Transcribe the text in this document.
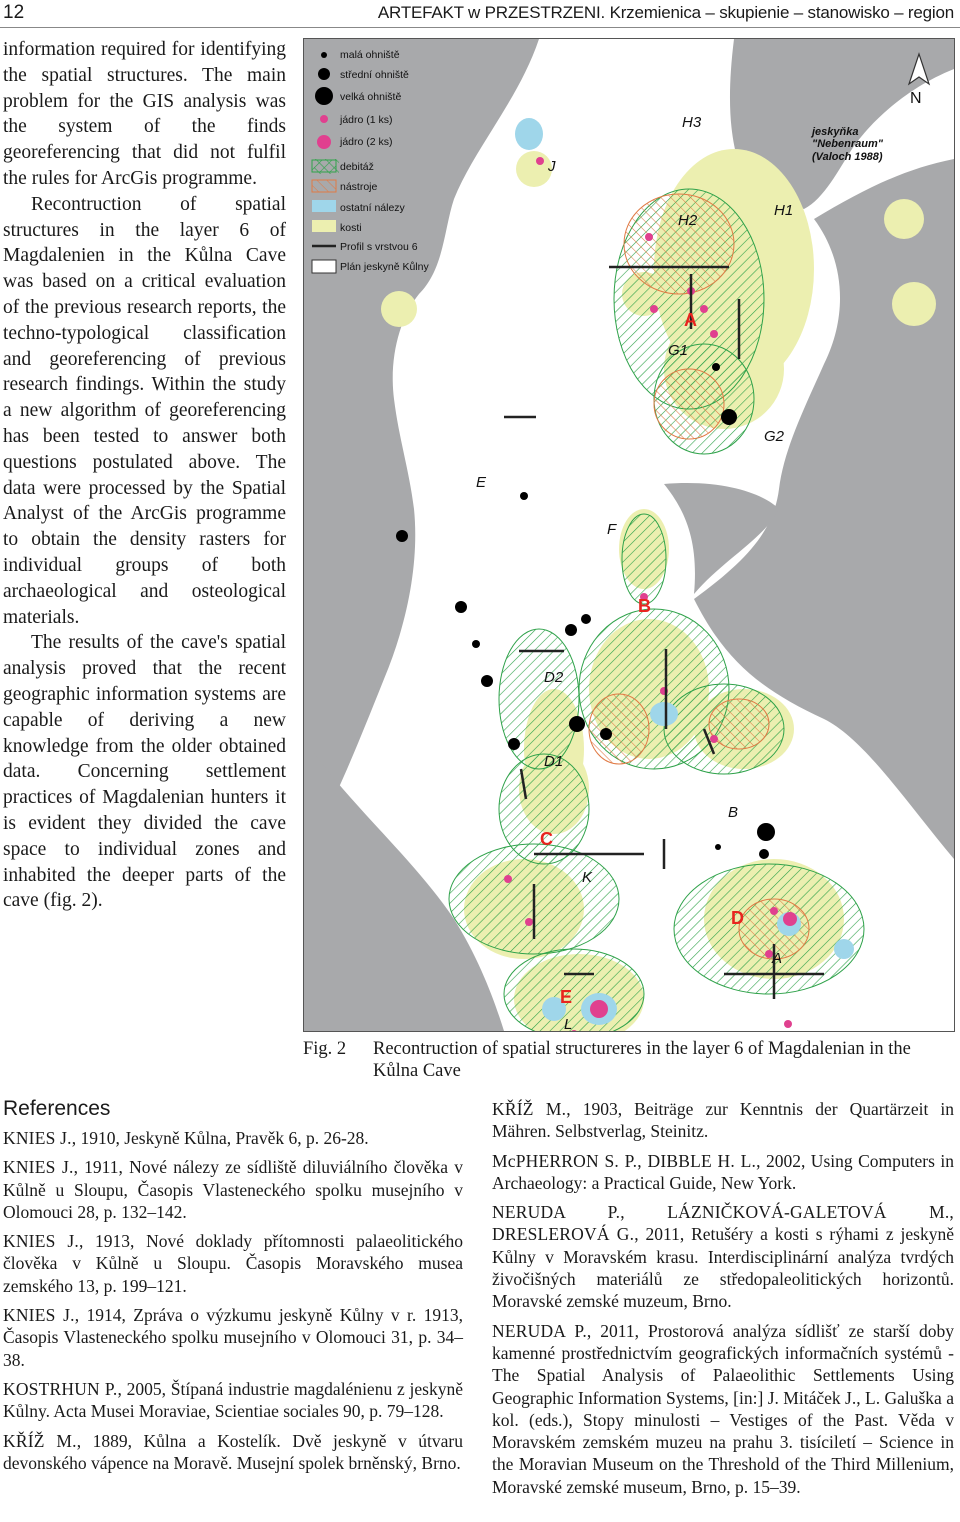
12	ARTEFAKT w PRZESTRZENI. Krzemienica – skupienie – stanowisko – region

information required for identifying the spatial structures. The main problem for the GIS analysis was the system of the finds georeferencing that did not fulfil the rules for ArcGis programme.

Recontruction of spatial structures in the layer 6 of Magdalenien in the Kůlna Cave was based on a critical evaluation of the previous research reports, the techno-typological classification and georeferencing of previous research findings. Within the study a new algorithm of georeferencing has been tested to answer both questions postulated above. The data were processed by the Spatial Analyst of the ArcGis programme to obtain the density rasters for individual groups of both archaeological and osteological materials.

The results of the cave's spatial analysis proved that the recent geographic information systems are capable of deriving a new knowledge from the older obtained data. Concerning settlement practices of Magdalenian hunters it is evident they divided the cave space to individual zones and inhabited the deeper parts of the cave (fig. 2).

malá ohniště
střední ohniště
velká ohniště
jádro (1 ks)
jádro (2 ks)
debitáž
nástroje
ostatní nálezy
kosti
Profil s vrstvou 6
Plán jeskyně Kůlny
N
jeskyňka
"Nebenraum"
(Valoch 1988)
H3
H2
H1
J
G1
G2
E
F
D2
D1
K
B
A
L
A
B
C
D
E
Fig. 2 Recontruction of spatial structureres in the layer 6 of Magdalenian in the Kůlna Cave
References

KNIES J., 1910, Jeskyně Kůlna, Pravěk 6, p. 26-28.

KNIES J., 1911, Nové nálezy ze sídliště diluviálního člověka v Kůlně u Sloupu, Časopis Vlasteneckého spolku musejního v Olomouci 28, p. 132–142.

KNIES J., 1913, Nové doklady přítomnosti palaeolitického člověka v Kůlně u Sloupu. Časopis Moravského musea zemského 13, p. 199–121.

KNIES J., 1914, Zpráva o výzkumu jeskyně Kůlny v r. 1913, Časopis Vlasteneckého spolku musejního v Olomouci 31, p. 34–38.

KOSTRHUN P., 2005, Štípaná industrie magdalénienu z jeskyně Kůlny. Acta Musei Moraviae, Scientiae sociales 90, p. 79–128.

KŘÍŽ M., 1889, Kůlna a Kostelík. Dvě jeskyně v útvaru devonského vápence na Moravě. Musejní spolek brněnský, Brno.

KŘÍŽ M., 1903, Beiträge zur Kenntnis der Quartärzeit in Mähren. Selbstverlag, Steinitz.

McPHERRON S. P., DIBBLE H. L., 2002, Using Computers in Archaeology: a Practical Guide, New York.

NERUDA P., LÁZNIČKOVÁ-GALETOVÁ M., DRESLEROVÁ G., 2011, Retušéry a kosti s rýhami z jeskyně Kůlny v Moravském krasu. Interdisciplinární analýza tvrdých živočišných materiálů ze středopaleolitických horizontů. Moravské zemské muzeum, Brno.

NERUDA P., 2011, Prostorová analýza sídlišť ze starší doby kamenné prostřednictvím geografických informačních systémů - The Spatial Analysis of Palaeolithic Settlements Using Geographic Information Systems, [in:] J. Mitáček J., L. Galuška a kol. (eds.), Stopy minulosti – Vestiges of the Past. Věda v Moravském zemském muzeu na prahu 3. tisíciletí – Science in the Moravian Museum on the Threshold of the Third Millenium, Moravské zemské museum, Brno, p. 15–39.
